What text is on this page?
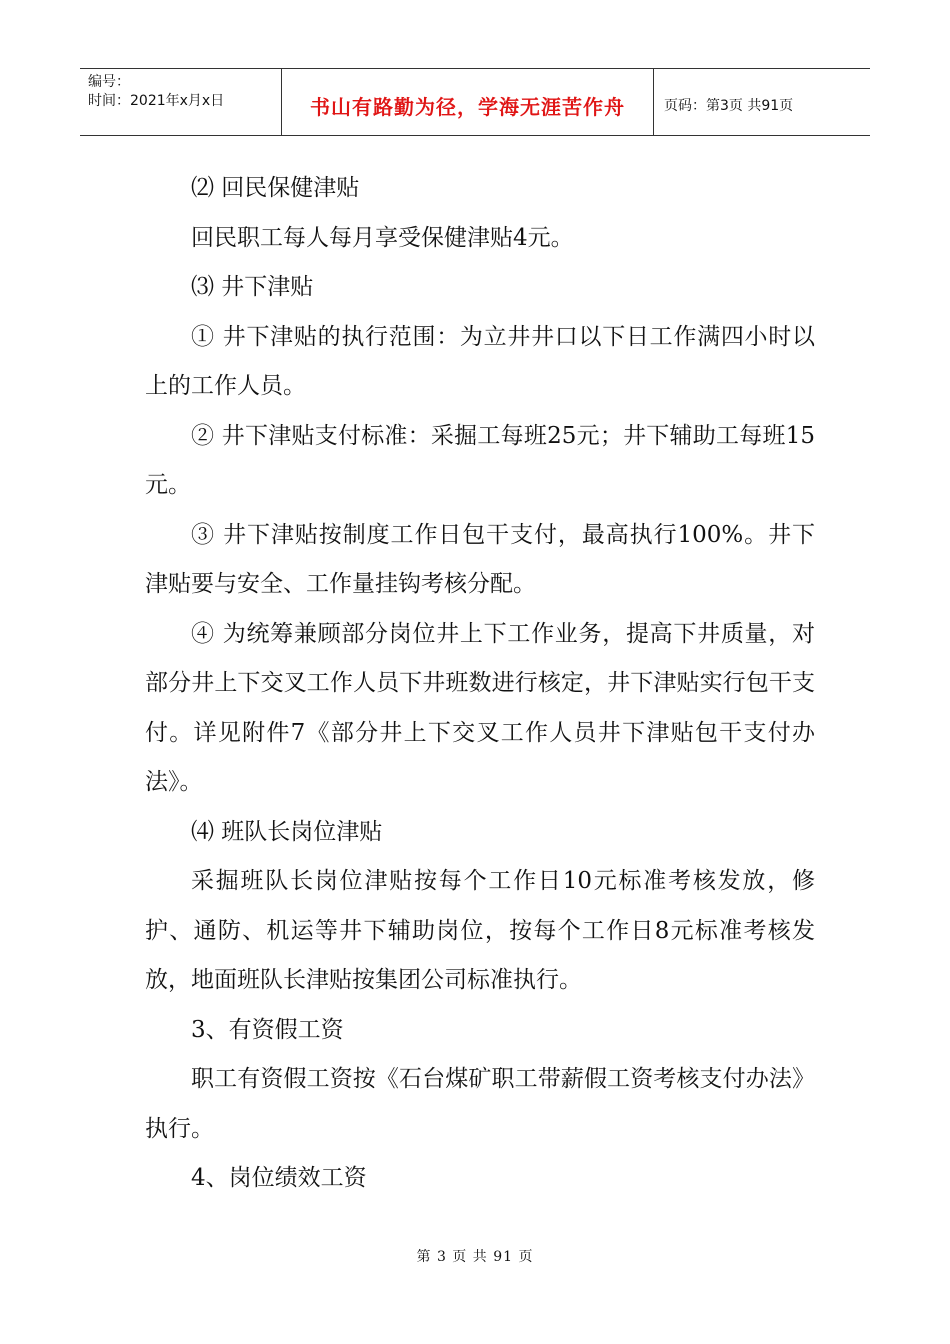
编号：
时间：2021年x月x日	书山有路勤为径，学海无涯苦作舟	页码：第3页 共91页

⑵ 回民保健津贴

回民职工每人每月享受保健津贴4元。

⑶ 井下津贴

① 井下津贴的执行范围：为立井井口以下日工作满四小时以上的工作人员。

② 井下津贴支付标准：采掘工每班25元；井下辅助工每班15元。

③ 井下津贴按制度工作日包干支付，最高执行100%。井下津贴要与安全、工作量挂钩考核分配。

④ 为统筹兼顾部分岗位井上下工作业务，提高下井质量，对部分井上下交叉工作人员下井班数进行核定，井下津贴实行包干支付。详见附件7《部分井上下交叉工作人员井下津贴包干支付办法》。

⑷ 班队长岗位津贴

采掘班队长岗位津贴按每个工作日10元标准考核发放，修护、通防、机运等井下辅助岗位，按每个工作日8元标准考核发放，地面班队长津贴按集团公司标准执行。

3、有资假工资

职工有资假工资按《石台煤矿职工带薪假工资考核支付办法》执行。

4、岗位绩效工资

第 3 页 共 91 页
